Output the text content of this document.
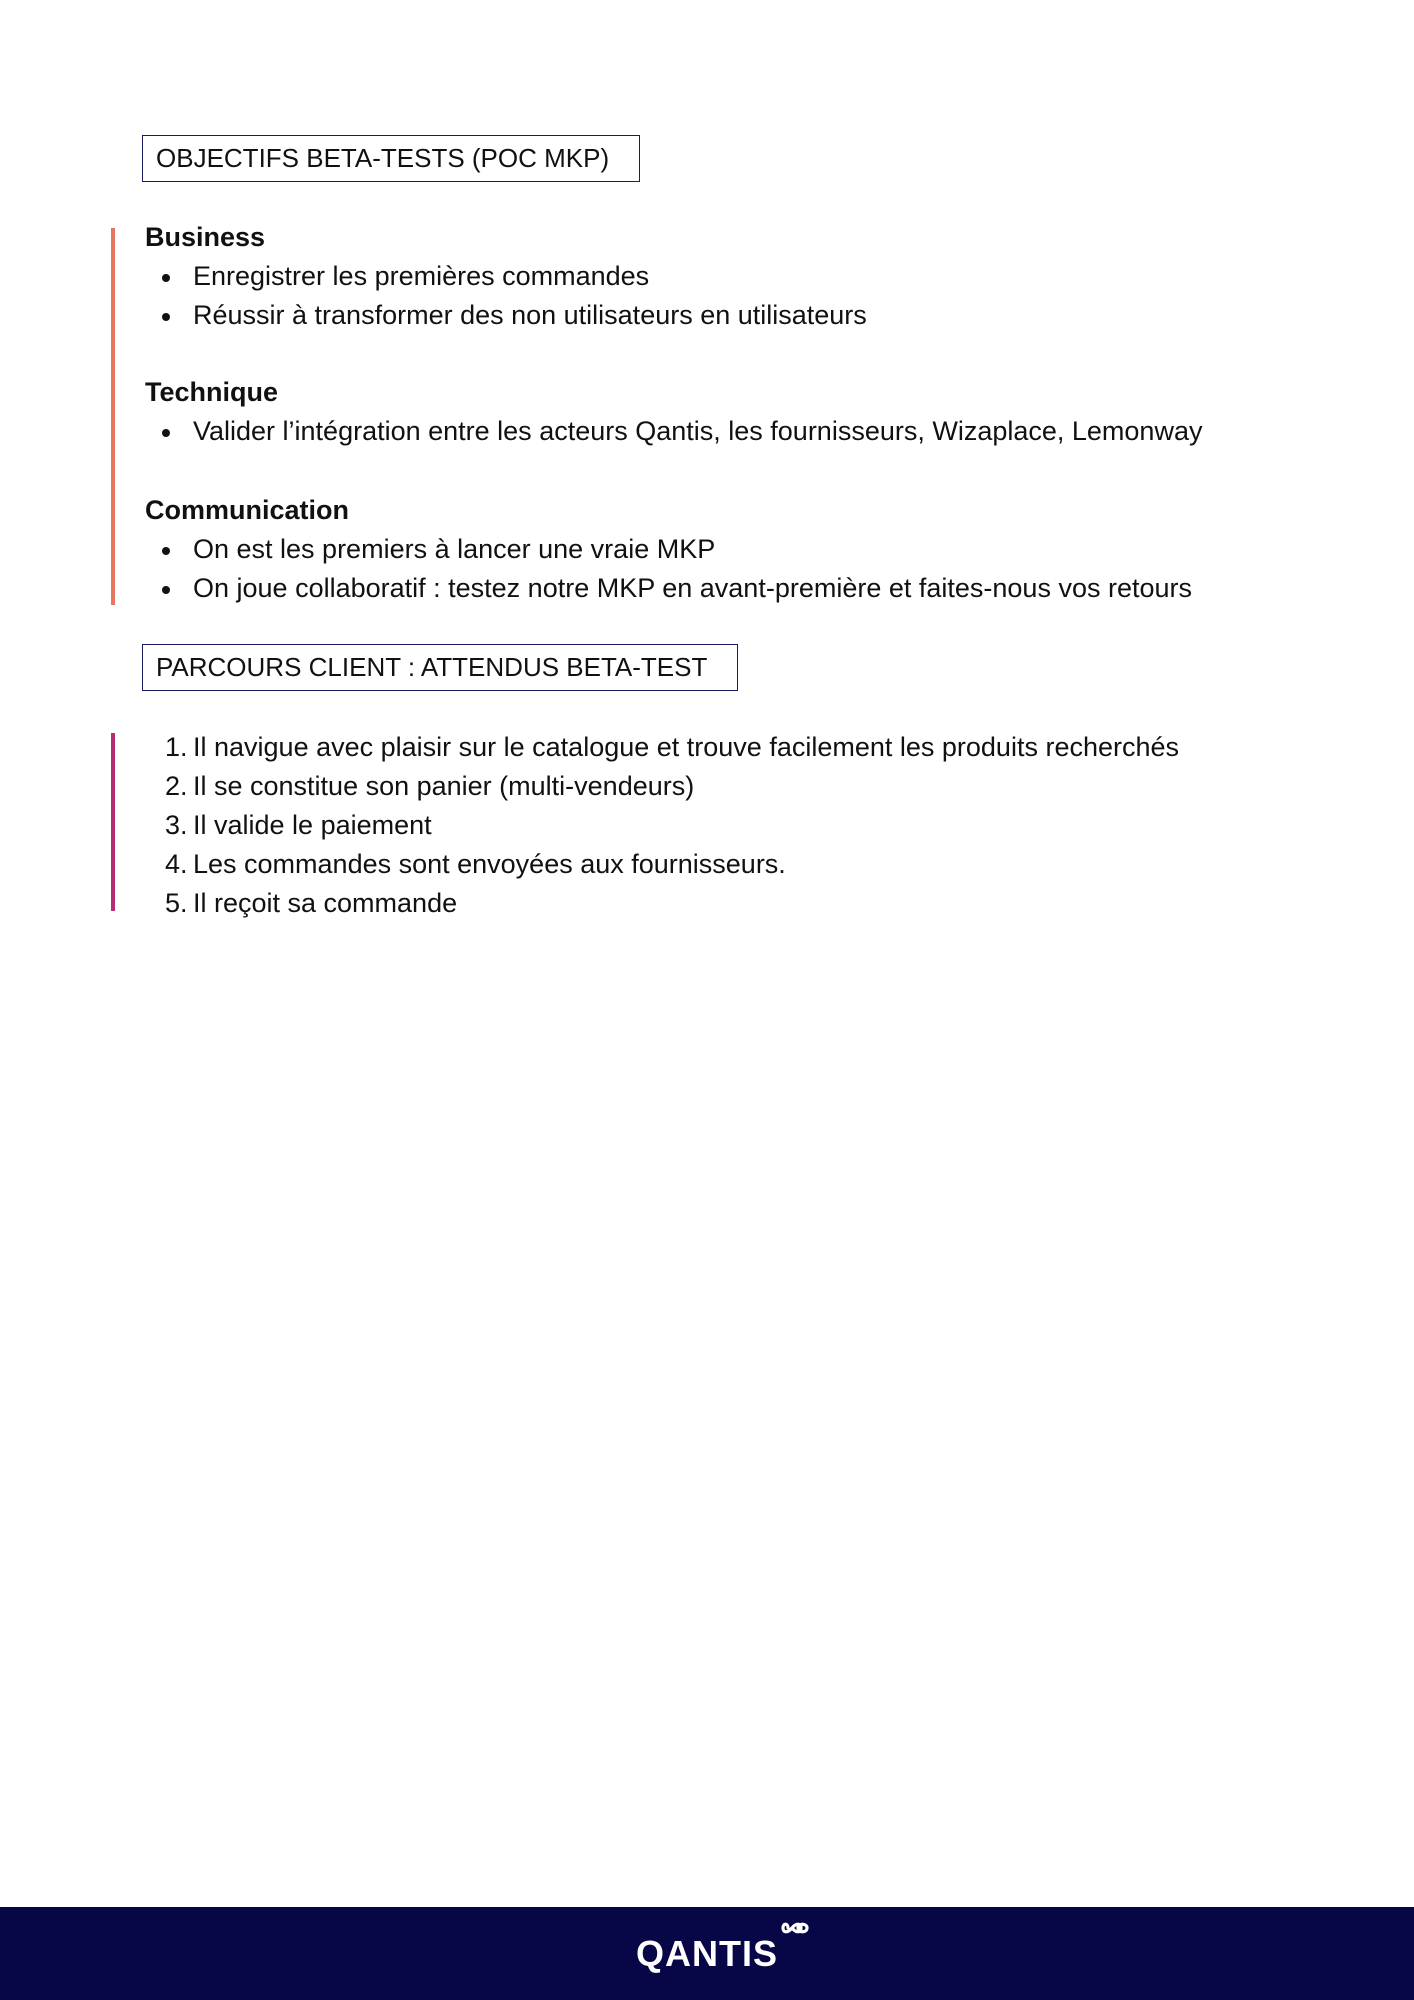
OBJECTIFS BETA-TESTS (POC MKP)
Business
Enregistrer les premières commandes
Réussir à transformer des non utilisateurs en utilisateurs
Technique
Valider l’intégration entre les acteurs Qantis, les fournisseurs, Wizaplace, Lemonway
Communication
On est les premiers à lancer une vraie MKP
On joue collaboratif : testez notre MKP en avant-première et faites-nous vos retours
PARCOURS CLIENT : ATTENDUS BETA-TEST
1. Il navigue avec plaisir sur le catalogue et trouve facilement les produits recherchés
2. Il se constitue son panier (multi-vendeurs)
3. Il valide le paiement
4. Les commandes sont envoyées aux fournisseurs.
5. Il reçoit sa commande
QANTIS
